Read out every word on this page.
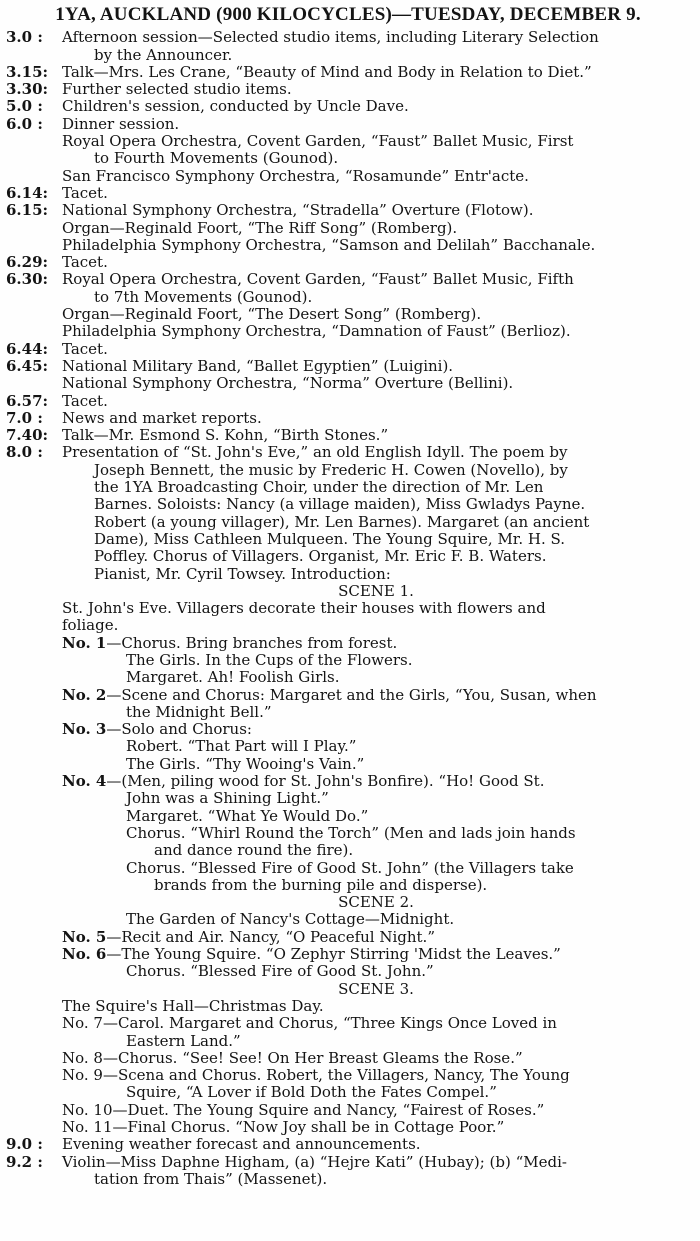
1YA, AUCKLAND (900 KILOCYCLES)—TUESDAY, DECEMBER 9.
3.0 :	Afternoon session—Selected studio items, including Literary Selection
by the Announcer.
3.15: Talk—Mrs. Les Crane, “Beauty of Mind and Body in Relation to Diet.”
3.30: Further selected studio items.
5.0 :	Children's session, conducted by Uncle Dave.
6.0 :	Dinner session.
Royal Opera Orchestra, Covent Garden, “Faust” Ballet Music, First
to Fourth Movements (Gounod).
San Francisco Symphony Orchestra, “Rosamunde” Entr'acte.
6.14: Tacet.
6.15: National Symphony Orchestra, “Stradella” Overture (Flotow).
Organ—Reginald Foort, “The Riff Song” (Romberg).
Philadelphia Symphony Orchestra, “Samson and Delilah” Bacchanale.
6.29: Tacet.
6.30: Royal Opera Orchestra, Covent Garden, “Faust” Ballet Music, Fifth
to 7th Movements (Gounod).
Organ—Reginald Foort, “The Desert Song” (Romberg).
Philadelphia Symphony Orchestra, “Damnation of Faust” (Berlioz).
6.44: Tacet.
6.45: National Military Band, “Ballet Egyptien” (Luigini).
National Symphony Orchestra, “Norma” Overture (Bellini).
6.57: Tacet.
7.0 :	News and market reports.
7.40: Talk—Mr. Esmond S. Kohn, “Birth Stones.”
8.0 :	Presentation of “St. John's Eve,” an old English Idyll. The poem by
Joseph Bennett, the music by Frederic H. Cowen (Novello), by
the 1YA Broadcasting Choir, under the direction of Mr. Len
Barnes. Soloists: Nancy (a village maiden), Miss Gwladys Payne.
Robert (a young villager), Mr. Len Barnes). Margaret (an ancient
Dame), Miss Cathleen Mulqueen. The Young Squire, Mr. H. S.
Poffley. Chorus of Villagers. Organist, Mr. Eric F. B. Waters.
Pianist, Mr. Cyril Towsey. Introduction:
SCENE 1.
St. John's Eve. Villagers decorate their houses with flowers and
foliage.
No. 1—Chorus. Bring branches from forest.
The Girls. In the Cups of the Flowers.
Margaret. Ah! Foolish Girls.
No. 2—Scene and Chorus: Margaret and the Girls, “You, Susan, when
the Midnight Bell.”
No. 3—Solo and Chorus:
Robert. “That Part will I Play.”
The Girls. “Thy Wooing's Vain.”
No. 4—(Men, piling wood for St. John's Bonfire). “Ho! Good St.
John was a Shining Light.”
Margaret. “What Ye Would Do.”
Chorus. “Whirl Round the Torch” (Men and lads join hands
and dance round the fire).
Chorus. “Blessed Fire of Good St. John” (the Villagers take
brands from the burning pile and disperse).
SCENE 2.
The Garden of Nancy's Cottage—Midnight.
No. 5—Recit and Air. Nancy, “O Peaceful Night.”
No. 6—The Young Squire. “O Zephyr Stirring 'Midst the Leaves.”
Chorus. “Blessed Fire of Good St. John.”
SCENE 3.
The Squire's Hall—Christmas Day.
No. 7—Carol. Margaret and Chorus, “Three Kings Once Loved in
Eastern Land.”
No. 8—Chorus. “See! See! On Her Breast Gleams the Rose.”
No. 9—Scena and Chorus. Robert, the Villagers, Nancy, The Young
Squire, “A Lover if Bold Doth the Fates Compel.”
No. 10—Duet. The Young Squire and Nancy, “Fairest of Roses.”
No. 11—Final Chorus. “Now Joy shall be in Cottage Poor.”
9.0 :	Evening weather forecast and announcements.
9.2 :	Violin—Miss Daphne Higham, (a) “Hejre Kati” (Hubay); (b) “Medi-
tation from Thais” (Massenet).
